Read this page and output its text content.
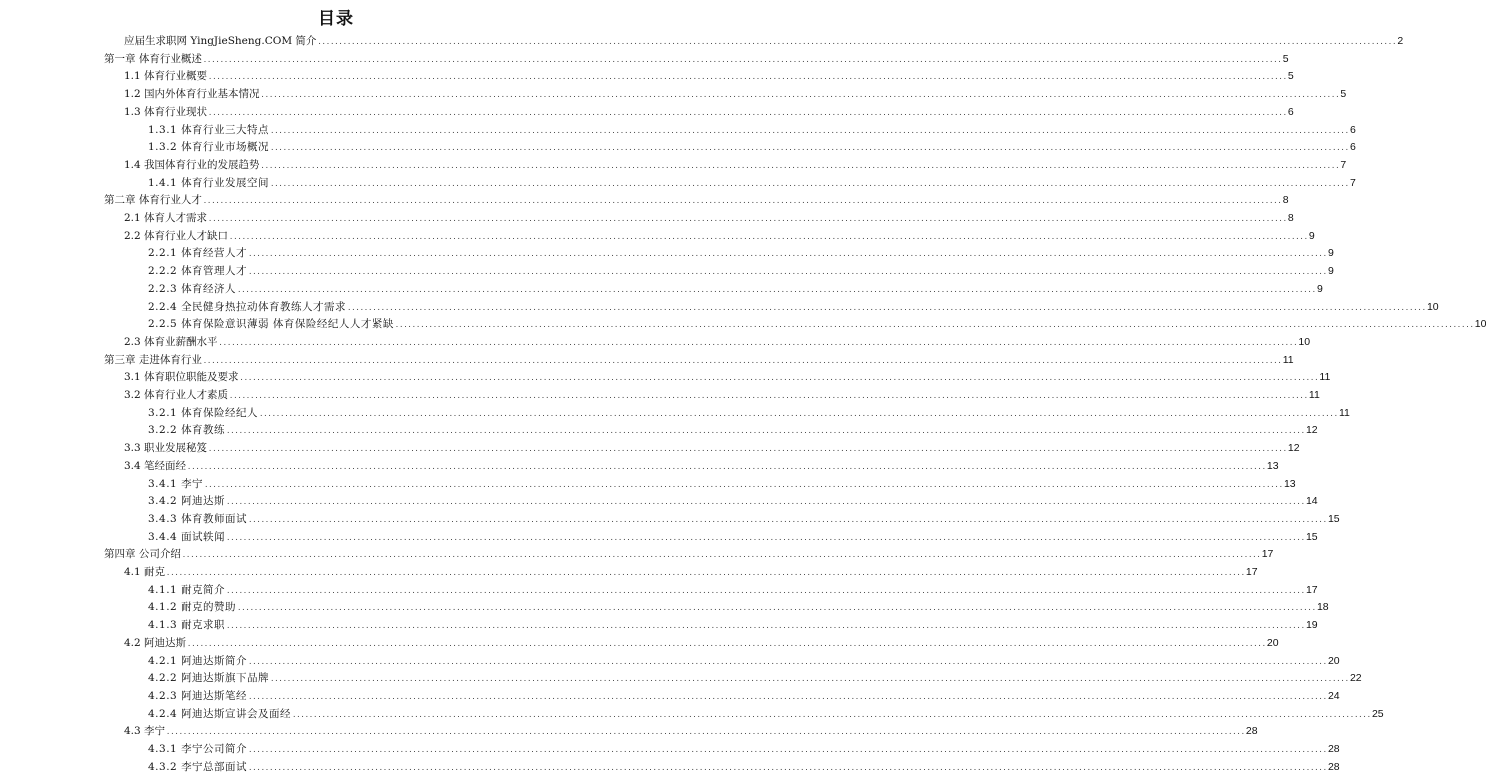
目录
应届生求职网 YingJieSheng.COM 简介 ................................................................................................................................................................................................................................................................ 2
第一章 体育行业概述 ................................................................................................................................................................................................................................................................ 5
1.1 体育行业概要 ................................................................................................................................................................................................................................................................ 5
1.2 国内外体育行业基本情况 ................................................................................................................................................................................................................................................................ 5
1.3 体育行业现状 ................................................................................................................................................................................................................................................................ 6
1.3.1 体育行业三大特点 ................................................................................................................................................................................................................................................................ 6
1.3.2 体育行业市场概况 ................................................................................................................................................................................................................................................................ 6
1.4 我国体育行业的发展趋势 ................................................................................................................................................................................................................................................................ 7
1.4.1 体育行业发展空间 ................................................................................................................................................................................................................................................................ 7
第二章 体育行业人才 ................................................................................................................................................................................................................................................................ 8
2.1 体育人才需求 ................................................................................................................................................................................................................................................................ 8
2.2 体育行业人才缺口 ................................................................................................................................................................................................................................................................ 9
2.2.1 体育经营人才 ................................................................................................................................................................................................................................................................ 9
2.2.2 体育管理人才 ................................................................................................................................................................................................................................................................ 9
2.2.3 体育经济人 ................................................................................................................................................................................................................................................................ 9
2.2.4 全民健身热拉动体育教练人才需求 ................................................................................................................................................................................................................................................................ 10
2.2.5 体育保险意识薄弱 体育保险经纪人人才紧缺 ................................................................................................................................................................................................................................................................ 10
2.3 体育业薪酬水平 ................................................................................................................................................................................................................................................................ 10
第三章 走进体育行业 ................................................................................................................................................................................................................................................................ 11
3.1 体育职位职能及要求 ................................................................................................................................................................................................................................................................ 11
3.2 体育行业人才素质 ................................................................................................................................................................................................................................................................ 11
3.2.1 体育保险经纪人 ................................................................................................................................................................................................................................................................ 11
3.2.2 体育教练 ................................................................................................................................................................................................................................................................ 12
3.3 职业发展秘笈 ................................................................................................................................................................................................................................................................ 12
3.4 笔经面经 ................................................................................................................................................................................................................................................................ 13
3.4.1 李宁 ................................................................................................................................................................................................................................................................ 13
3.4.2 阿迪达斯 ................................................................................................................................................................................................................................................................ 14
3.4.3 体育教师面试 ................................................................................................................................................................................................................................................................ 15
3.4.4 面试轶闻 ................................................................................................................................................................................................................................................................ 15
第四章 公司介绍 ................................................................................................................................................................................................................................................................ 17
4.1 耐克 ................................................................................................................................................................................................................................................................ 17
4.1.1 耐克简介 ................................................................................................................................................................................................................................................................ 17
4.1.2 耐克的赞助 ................................................................................................................................................................................................................................................................ 18
4.1.3 耐克求职 ................................................................................................................................................................................................................................................................ 19
4.2 阿迪达斯 ................................................................................................................................................................................................................................................................ 20
4.2.1 阿迪达斯简介 ................................................................................................................................................................................................................................................................ 20
4.2.2 阿迪达斯旗下品牌 ................................................................................................................................................................................................................................................................ 22
4.2.3 阿迪达斯笔经 ................................................................................................................................................................................................................................................................ 24
4.2.4 阿迪达斯宣讲会及面经 ................................................................................................................................................................................................................................................................ 25
4.3 李宁 ................................................................................................................................................................................................................................................................ 28
4.3.1 李宁公司简介 ................................................................................................................................................................................................................................................................ 28
4.3.2 李宁总部面试 ................................................................................................................................................................................................................................................................ 28
